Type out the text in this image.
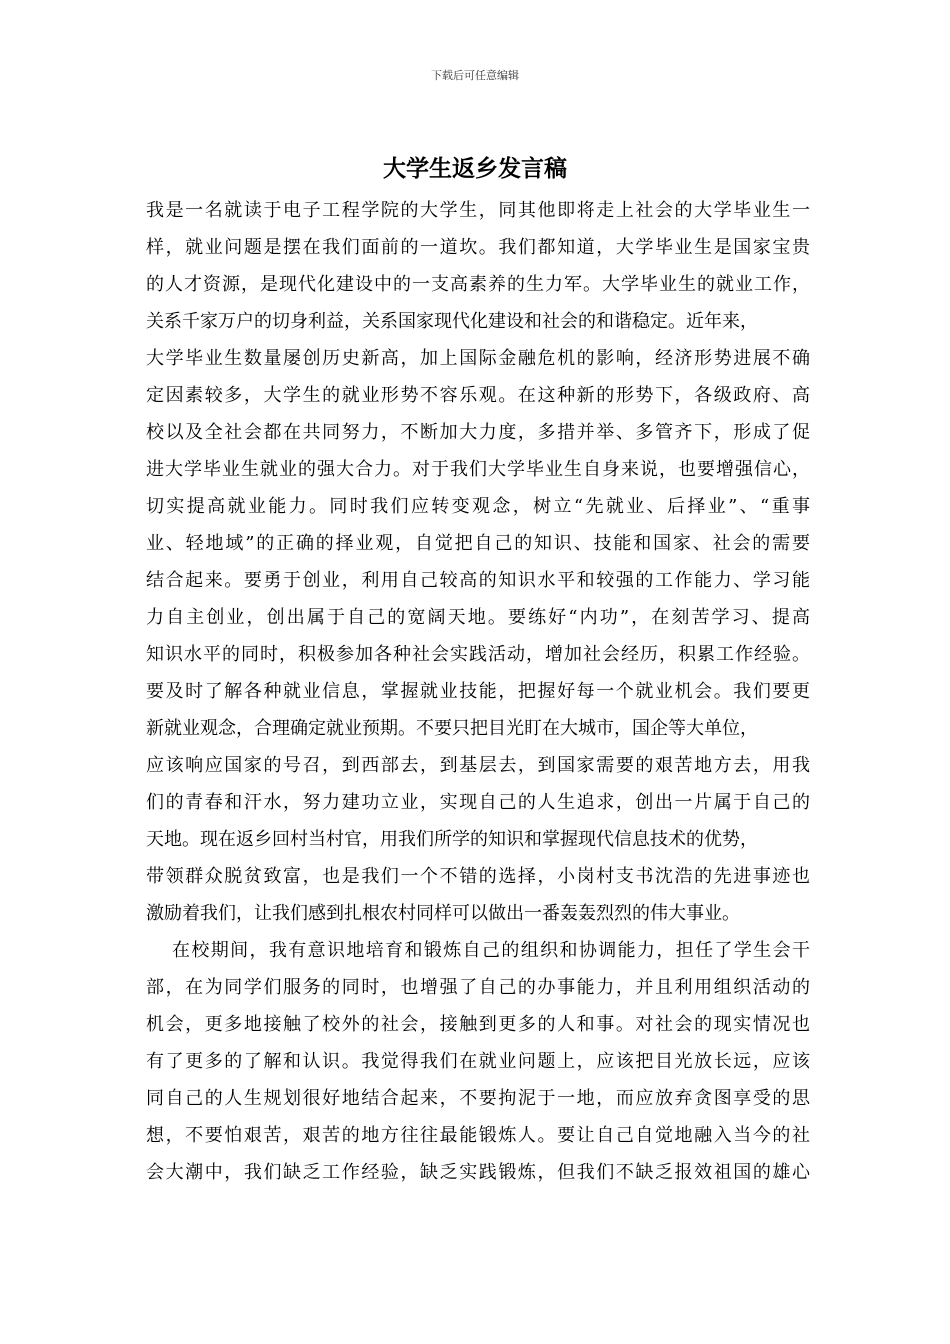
下载后可任意编辑
大学生返乡发言稿
我是一名就读于电子工程学院的大学生，同其他即将走上社会的大学毕业生一
样，就业问题是摆在我们面前的一道坎。我们都知道，大学毕业生是国家宝贵
的人才资源，是现代化建设中的一支高素养的生力军。大学毕业生的就业工作，
关系千家万户的切身利益，关系国家现代化建设和社会的和谐稳定。近年来，
大学毕业生数量屡创历史新高，加上国际金融危机的影响，经济形势进展不确
定因素较多，大学生的就业形势不容乐观。在这种新的形势下，各级政府、高
校以及全社会都在共同努力，不断加大力度，多措并举、多管齐下，形成了促
进大学毕业生就业的强大合力。对于我们大学毕业生自身来说，也要增强信心，
切实提高就业能力。同时我们应转变观念，树立“先就业、后择业”、“重事
业、轻地域”的正确的择业观，自觉把自己的知识、技能和国家、社会的需要
结合起来。要勇于创业，利用自己较高的知识水平和较强的工作能力、学习能
力自主创业，创出属于自己的宽阔天地。要练好“内功”，在刻苦学习、提高
知识水平的同时，积极参加各种社会实践活动，增加社会经历，积累工作经验。
要及时了解各种就业信息，掌握就业技能，把握好每一个就业机会。我们要更
新就业观念，合理确定就业预期。不要只把目光盯在大城市，国企等大单位，
应该响应国家的号召，到西部去，到基层去，到国家需要的艰苦地方去，用我
们的青春和汗水，努力建功立业，实现自己的人生追求，创出一片属于自己的
天地。现在返乡回村当村官，用我们所学的知识和掌握现代信息技术的优势，
带领群众脱贫致富，也是我们一个不错的选择，小岗村支书沈浩的先进事迹也
激励着我们，让我们感到扎根农村同样可以做出一番轰轰烈烈的伟大事业。
在校期间，我有意识地培育和锻炼自己的组织和协调能力，担任了学生会干
部，在为同学们服务的同时，也增强了自己的办事能力，并且利用组织活动的
机会，更多地接触了校外的社会，接触到更多的人和事。对社会的现实情况也
有了更多的了解和认识。我觉得我们在就业问题上，应该把目光放长远，应该
同自己的人生规划很好地结合起来，不要拘泥于一地，而应放弃贪图享受的思
想，不要怕艰苦，艰苦的地方往往最能锻炼人。要让自己自觉地融入当今的社
会大潮中，我们缺乏工作经验，缺乏实践锻炼，但我们不缺乏报效祖国的雄心
